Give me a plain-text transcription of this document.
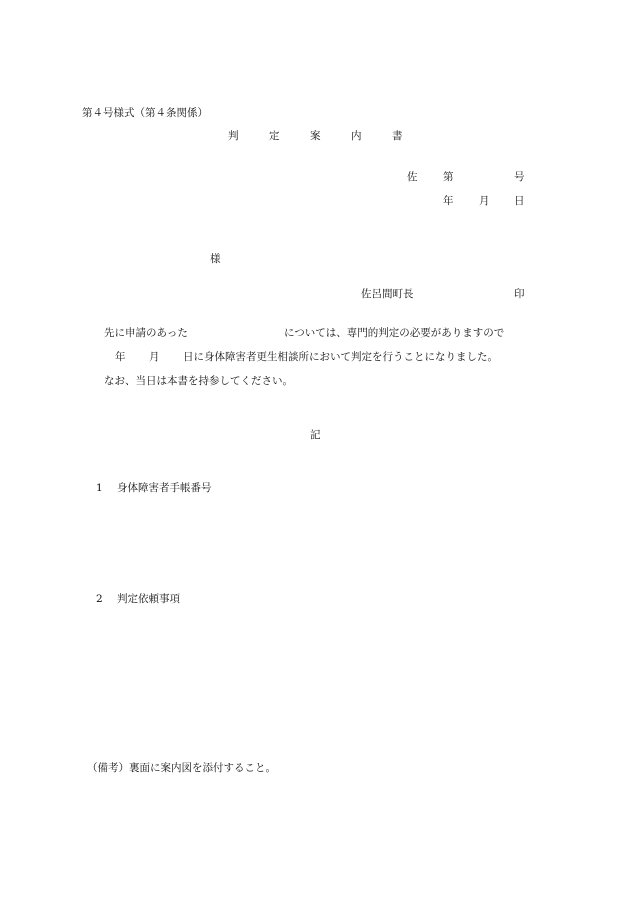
第４号様式（第４条関係）
判	定	案	内	書
佐 第	号
年 月 日
様
佐呂間町長	印
先に申請のあった	については、専門的判定の必要がありますので
年 月 日に身体障害者更生相談所において判定を行うことになりました。
なお、当日は本書を持参してください。
記
1 身体障害者手帳番号
2 判定依頼事項
（備考）裏面に案内図を添付すること。
